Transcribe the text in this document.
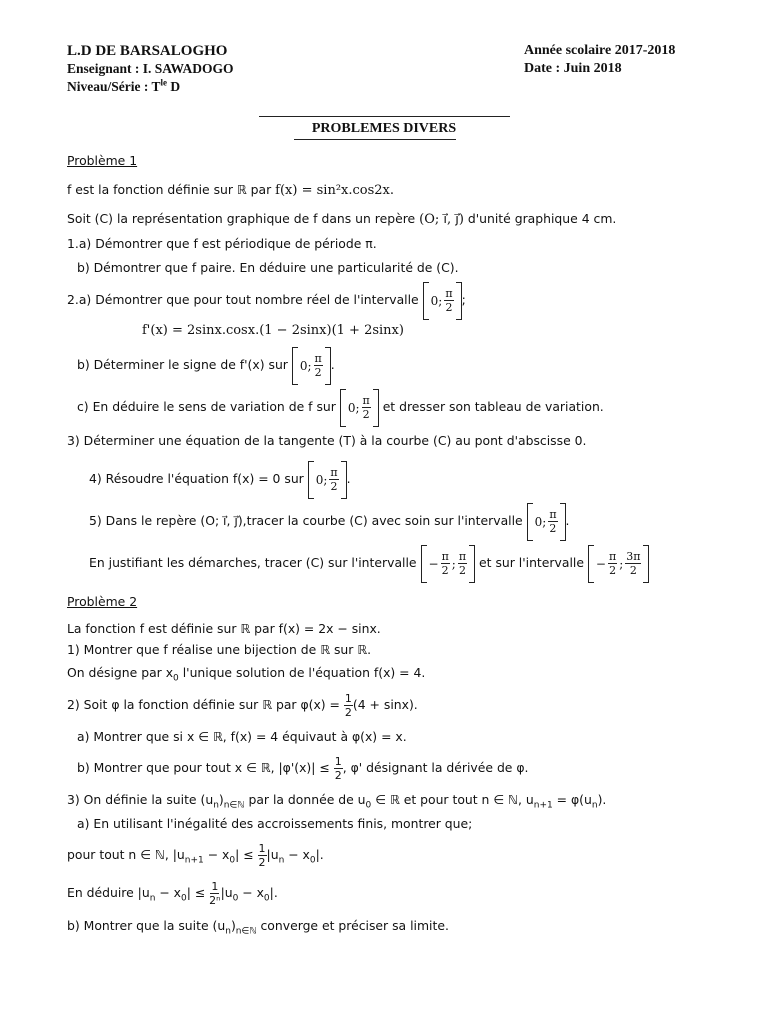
L.D DE BARSALOGHO
Enseignant : I. SAWADOGO
Niveau/Série : $T^{le}$ D
Année scolaire 2017-2018
Date : Juin 2018
PROBLEMES DIVERS
Problème 1
f est la fonction définie sur ℝ par f(x) = sin²x.cos2x.
Soit (C) la représentation graphique de f dans un repère (O; i⃗, j⃗) d'unité graphique 4 cm.
1.a) Démontrer que f est périodique de période π.
b) Démontrer que f paire. En déduire une particularité de (C).
2.a) Démontrer que pour tout nombre réel de l'intervalle 0; $\frac{\pi}{2}$ ;
f'(x) = 2sinx.cosx.(1 − 2sinx)(1 + 2sinx)
b) Déterminer le signe de f'(x) sur 0; $\frac{\pi}{2}$ .
c) En déduire le sens de variation de f sur 0; $\frac{\pi}{2}$ et dresser son tableau de variation.
3) Déterminer une équation de la tangente (T) à la courbe (C) au pont d'abscisse 0.
4) Résoudre l'équation f(x) = 0 sur 0; $\frac{\pi}{2}$ .
5) Dans le repère (O; i⃗, j⃗),tracer la courbe (C) avec soin sur l'intervalle 0; $\frac{\pi}{2}$ .
En justifiant les démarches, tracer (C) sur l'intervalle − $\frac{\pi}{2}$ ; $\frac{\pi}{2}$ et sur l'intervalle − $\frac{\pi}{2}$ ; $\frac{3\pi}{2}$
Problème 2
La fonction f est définie sur ℝ par f(x) = 2x − sinx.
1) Montrer que f réalise une bijection de ℝ sur ℝ.
On désigne par $x_0$ l'unique solution de l'équation f(x) = 4.
2) Soit φ la fonction définie sur ℝ par $\varphi(x) = \frac{1}{2} (4 + \sin x)$.
a) Montrer que si x ∈ ℝ, f(x) = 4 équivaut à φ(x) = x.
b) Montrer que pour tout x ∈ ℝ, $|\varphi'(x)| \le \frac{1}{2}$ , φ' désignant la dérivée de φ.
3) On définie la suite $(u_n)_{n\in ℕ}$ par la donnée de $u_0$ ∈ ℝ et pour tout n ∈ ℕ, $u_{n+1} = \varphi(u_n)$.
a) En utilisant l'inégalité des accroissements finis, montrer que;
pour tout n ∈ ℕ, $|u_{n+1} - x_0| \le \frac{1}{2} |u_n - x_0|$.
En déduire $|u_n - x_0| \le \frac{1}{\text{2ⁿ}} |u_0 - x_0|$.
b) Montrer que la suite $(u_n)_{n\in ℕ}$ converge et préciser sa limite.
